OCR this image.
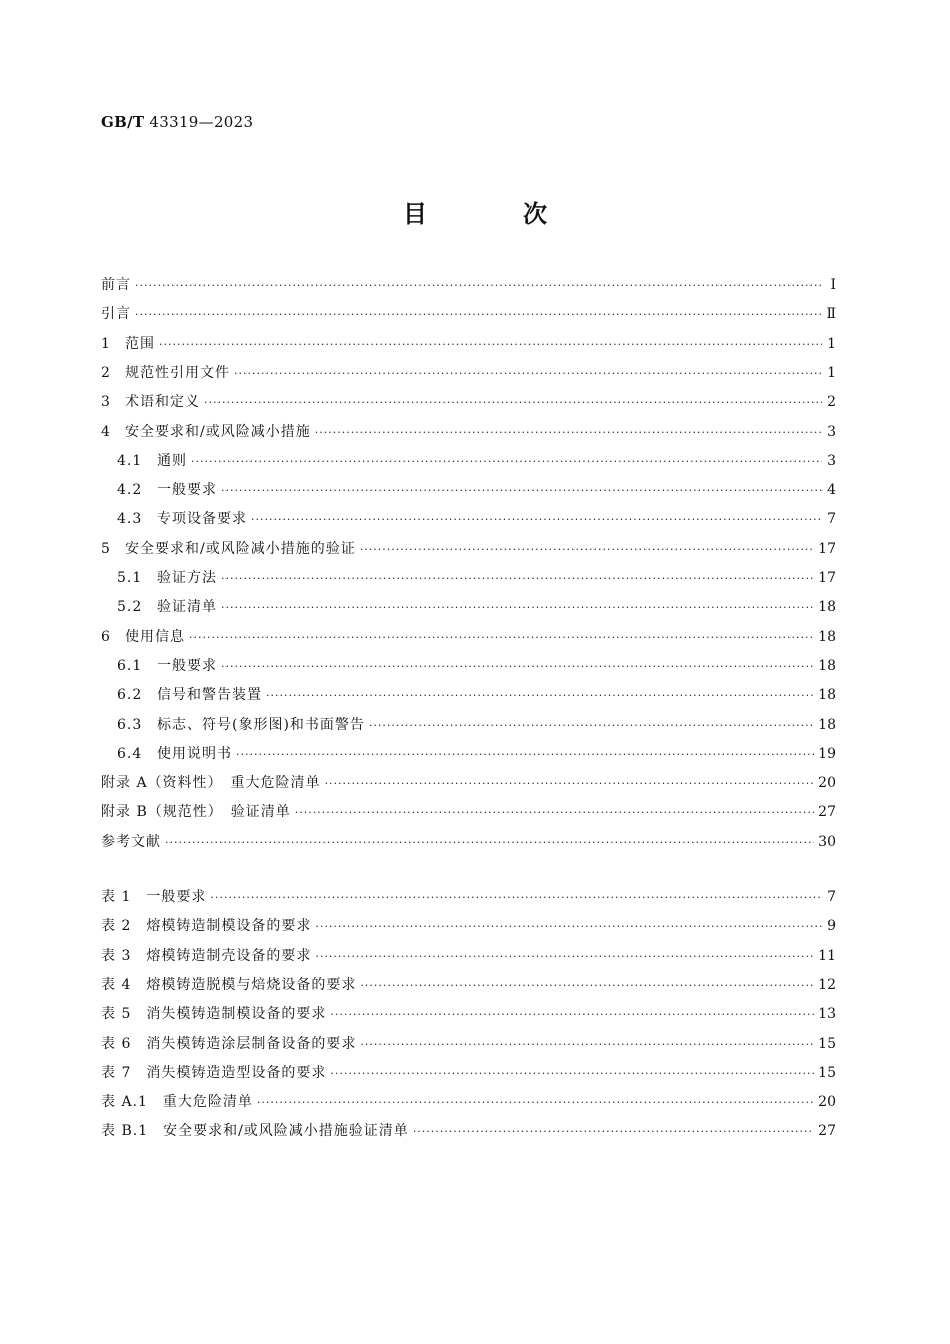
GB/T 43319—2023
目　次
前言 ·····	Ⅰ
引言 ·····	Ⅱ
1 范围 ·····	1
2 规范性引用文件 ·····	1
3 术语和定义 ·····	2
4 安全要求和/或风险减小措施 ·····	3
4.1 通则 ·····	3
4.2 一般要求 ·····	4
4.3 专项设备要求 ·····	7
5 安全要求和/或风险减小措施的验证 ·····	17
5.1 验证方法 ·····	17
5.2 验证清单 ·····	18
6 使用信息 ·····	18
6.1 一般要求 ·····	18
6.2 信号和警告装置 ·····	18
6.3 标志、符号(象形图)和书面警告 ·····	18
6.4 使用说明书 ·····	19
附录 A（资料性）　重大危险清单 ·····	20
附录 B（规范性）　验证清单 ·····	27
参考文献 ·····	30
表 1　一般要求 ·····	7
表 2　熔模铸造制模设备的要求 ·····	9
表 3　熔模铸造制壳设备的要求 ·····	11
表 4　熔模铸造脱模与焙烧设备的要求 ·····	12
表 5　消失模铸造制模设备的要求 ·····	13
表 6　消失模铸造涂层制备设备的要求 ·····	15
表 7　消失模铸造造型设备的要求 ·····	15
表 A.1　重大危险清单 ·····	20
表 B.1　安全要求和/或风险减小措施验证清单 ·····	27
